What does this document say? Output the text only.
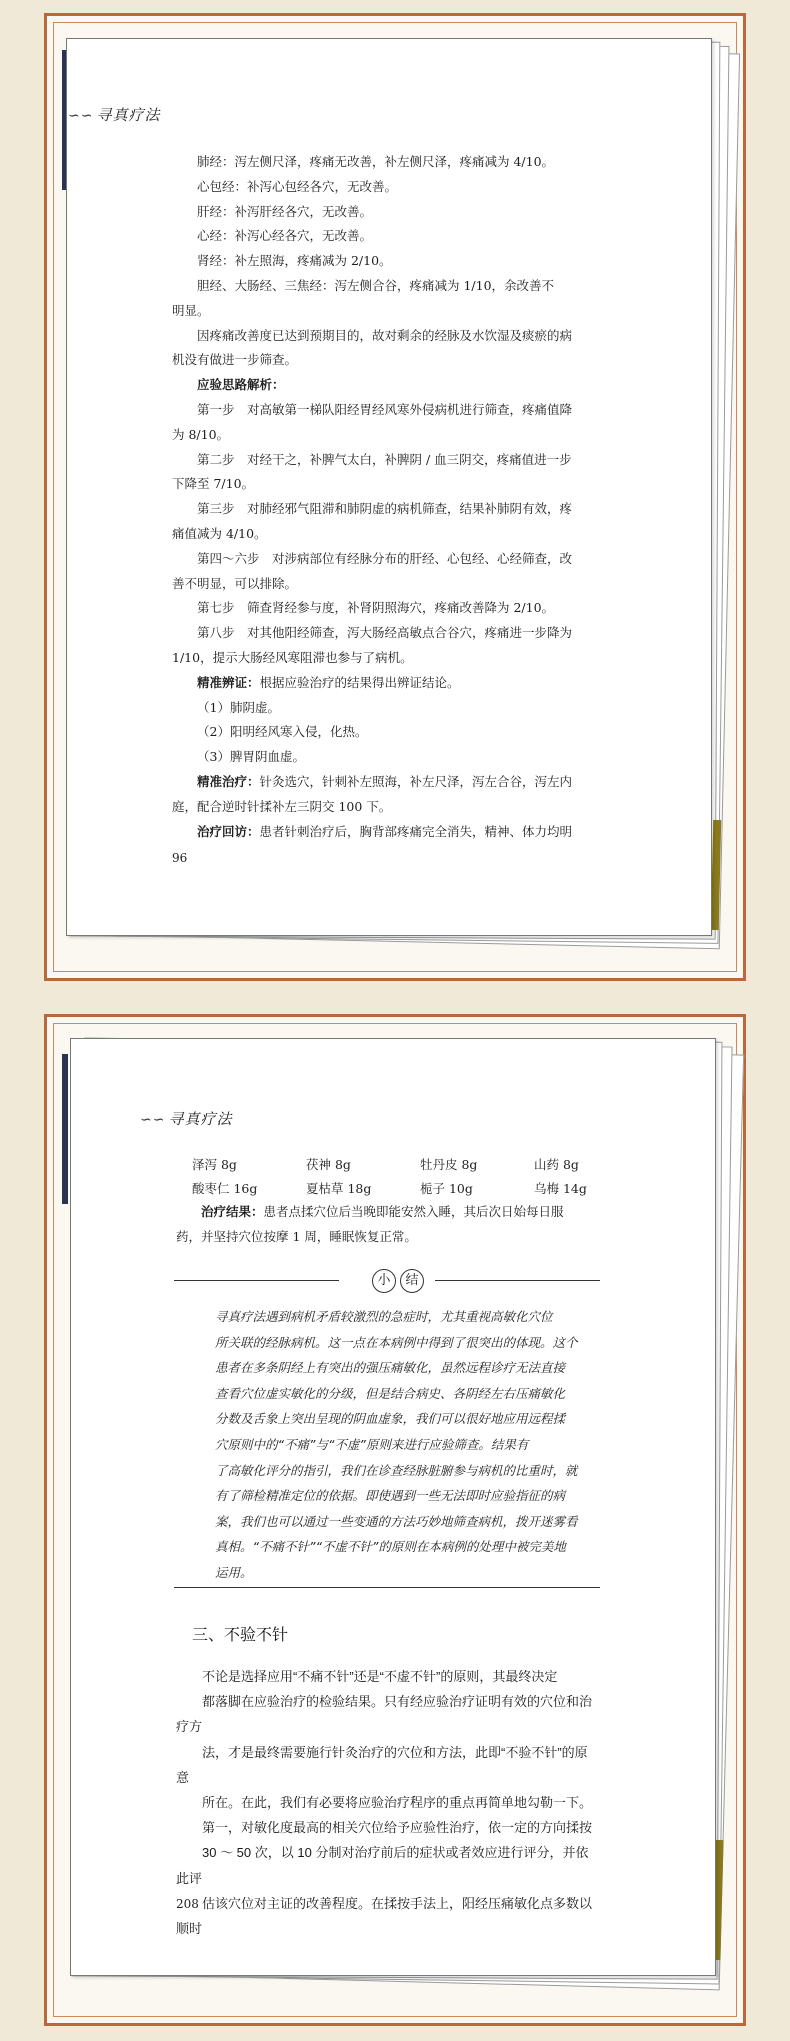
∽∽ 寻真疗法

肺经：泻左侧尺泽，疼痛无改善，补左侧尺泽，疼痛减为 4/10。

心包经：补泻心包经各穴，无改善。

肝经：补泻肝经各穴，无改善。

心经：补泻心经各穴，无改善。

肾经：补左照海，疼痛减为 2/10。

胆经、大肠经、三焦经：泻左侧合谷，疼痛减为 1/10，余改善不

明显。

因疼痛改善度已达到预期目的，故对剩余的经脉及水饮湿及痰瘀的病

机没有做进一步筛查。

应验思路解析：

第一步　对高敏第一梯队阳经胃经风寒外侵病机进行筛查，疼痛值降

为 8/10。

第二步　对经干之，补脾气太白，补脾阴 / 血三阴交，疼痛值进一步

下降至 7/10。

第三步　对肺经邪气阻滞和肺阴虚的病机筛查，结果补肺阴有效，疼

痛值减为 4/10。

第四～六步　对涉病部位有经脉分布的肝经、心包经、心经筛查，改

善不明显，可以排除。

第七步　筛查肾经参与度，补肾阴照海穴，疼痛改善降为 2/10。

第八步　对其他阳经筛查，泻大肠经高敏点合谷穴，疼痛进一步降为

1/10，提示大肠经风寒阻滞也参与了病机。

精准辨证：根据应验治疗的结果得出辨证结论。

（1）肺阴虚。

（2）阳明经风寒入侵，化热。

（3）脾胃阴血虚。

精准治疗：针灸选穴，针刺补左照海，补左尺泽，泻左合谷，泻左内

庭，配合逆时针揉补左三阴交 100 下。

治疗回访：患者针刺治疗后，胸背部疼痛完全消失，精神、体力均明

96
∽∽ 寻真疗法
泽泻 8g	茯神 8g	牡丹皮 8g	山药 8g
酸枣仁 16g	夏枯草 18g	栀子 10g	乌梅 14g

治疗结果：患者点揉穴位后当晚即能安然入睡，其后次日始每日服

药，并坚持穴位按摩 1 周，睡眠恢复正常。

小	结

寻真疗法遇到病机矛盾较激烈的急症时，尤其重视高敏化穴位

所关联的经脉病机。这一点在本病例中得到了很突出的体现。这个

患者在多条阴经上有突出的强压痛敏化，虽然远程诊疗无法直接

查看穴位虚实敏化的分级，但是结合病史、各阴经左右压痛敏化

分数及舌象上突出呈现的阴血虚象，我们可以很好地应用远程揉

穴原则中的“不痛”与“不虚”原则来进行应验筛查。结果有

了高敏化评分的指引，我们在诊查经脉脏腑参与病机的比重时，就

有了筛检精准定位的依据。即使遇到一些无法即时应验指征的病

案，我们也可以通过一些变通的方法巧妙地筛查病机，拨开迷雾看

真相。“不痛不针”“不虚不针”的原则在本病例的处理中被完美地

运用。

三、不验不针

不论是选择应用“不痛不针”还是“不虚不针”的原则，其最终决定

都落脚在应验治疗的检验结果。只有经应验治疗证明有效的穴位和治疗方

法，才是最终需要施行针灸治疗的穴位和方法，此即“不验不针”的原意

所在。在此，我们有必要将应验治疗程序的重点再简单地勾勒一下。

第一，对敏化度最高的相关穴位给予应验性治疗，依一定的方向揉按

30 ～ 50 次，以 10 分制对治疗前后的症状或者效应进行评分，并依此评

估该穴位对主证的改善程度。在揉按手法上，阳经压痛敏化点多数以顺时

208
